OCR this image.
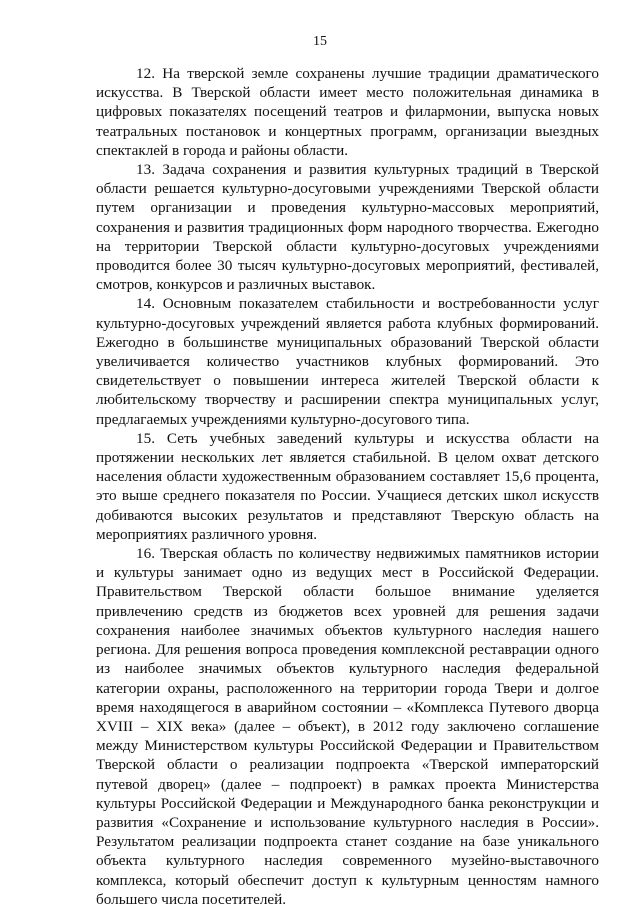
15

12. На тверской земле сохранены лучшие традиции драматического искусства. В Тверской области имеет место положительная динамика в цифровых показателях посещений театров и филармонии, выпуска новых театральных постановок и концертных программ, организации выездных спектаклей в города и районы области.

13. Задача сохранения и развития культурных традиций в Тверской области решается культурно-досуговыми учреждениями Тверской области путем организации и проведения культурно-массовых мероприятий, сохранения и развития традиционных форм народного творчества. Ежегодно на территории Тверской области культурно-досуговых учреждениями проводится более 30 тысяч культурно-досуговых мероприятий, фестивалей, смотров, конкурсов и различных выставок.

14. Основным показателем стабильности и востребованности услуг культурно-досуговых учреждений является работа клубных формирований. Ежегодно в большинстве муниципальных образований Тверской области увеличивается количество участников клубных формирований. Это свидетельствует о повышении интереса жителей Тверской области к любительскому творчеству и расширении спектра муниципальных услуг, предлагаемых учреждениями культурно-досугового типа.

15. Сеть учебных заведений культуры и искусства области на протяжении нескольких лет является стабильной. В целом охват детского населения области художественным образованием составляет 15,6 процента, это выше среднего показателя по России. Учащиеся детских школ искусств добиваются высоких результатов и представляют Тверскую область на мероприятиях различного уровня.

16. Тверская область по количеству недвижимых памятников истории и культуры занимает одно из ведущих мест в Российской Федерации. Правительством Тверской области большое внимание уделяется привлечению средств из бюджетов всех уровней для решения задачи сохранения наиболее значимых объектов культурного наследия нашего региона. Для решения вопроса проведения комплексной реставрации одного из наиболее значимых объектов культурного наследия федеральной категории охраны, расположенного на территории города Твери и долгое время находящегося в аварийном состоянии – «Комплекса Путевого дворца XVIII – XIX века» (далее – объект), в 2012 году заключено соглашение между Министерством культуры Российской Федерации и Правительством Тверской области о реализации подпроекта «Тверской императорский путевой дворец» (далее – подпроект) в рамках проекта Министерства культуры Российской Федерации и Международного банка реконструкции и развития «Сохранение и использование культурного наследия в России». Результатом реализации подпроекта станет создание на базе уникального объекта культурного наследия современного музейно-выставочного комплекса, который обеспечит доступ к культурным ценностям намного большего числа посетителей.
